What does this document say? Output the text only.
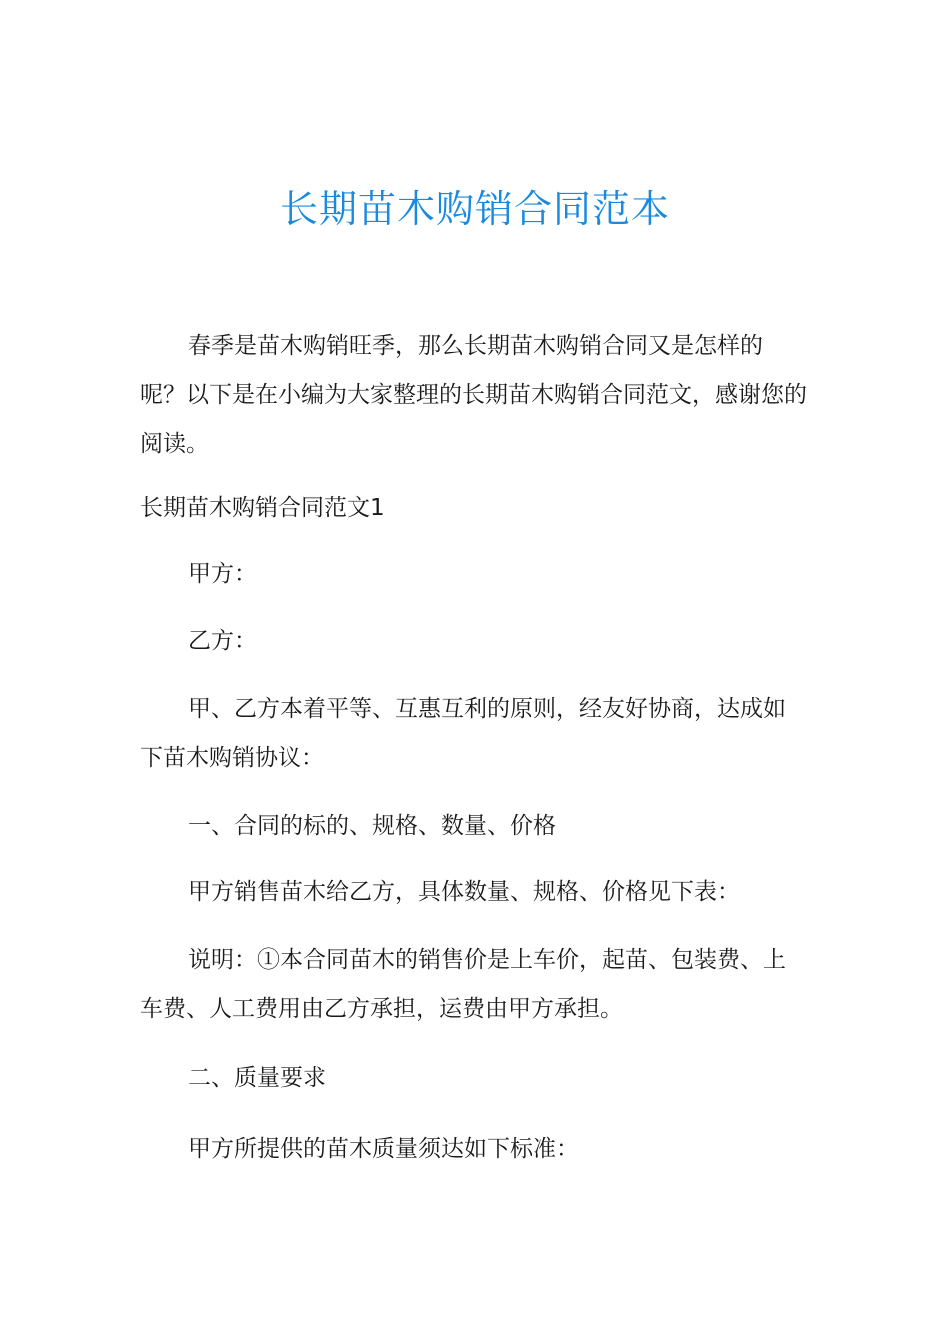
长期苗木购销合同范本

春季是苗木购销旺季，那么长期苗木购销合同又是怎样的呢？以下是在小编为大家整理的长期苗木购销合同范文，感谢您的阅读。

长期苗木购销合同范文1

甲方：

乙方：

甲、乙方本着平等、互惠互利的原则，经友好协商，达成如下苗木购销协议：

一、合同的标的、规格、数量、价格

甲方销售苗木给乙方，具体数量、规格、价格见下表：

说明：①本合同苗木的销售价是上车价，起苗、包装费、上车费、人工费用由乙方承担，运费由甲方承担。

二、质量要求

甲方所提供的苗木质量须达如下标准：
